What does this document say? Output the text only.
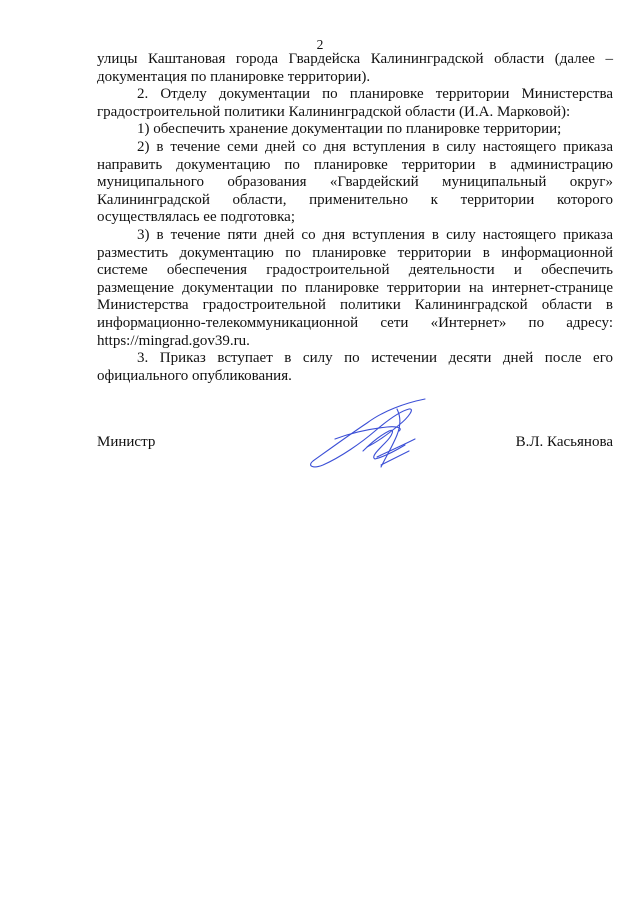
2

улицы Каштановая города Гвардейска Калининградской области (далее – документация по планировке территории).

2. Отделу документации по планировке территории Министерства градостроительной политики Калининградской области (И.А. Марковой):

1) обеспечить хранение документации по планировке территории;

2) в течение семи дней со дня вступления в силу настоящего приказа направить документацию по планировке территории в администрацию муниципального образования «Гвардейский муниципальный округ» Калининградской области, применительно к территории которого осуществлялась ее подготовка;

3) в течение пяти дней со дня вступления в силу настоящего приказа разместить документацию по планировке территории в информационной системе обеспечения градостроительной деятельности и обеспечить размещение документации по планировке территории на интернет-странице Министерства градостроительной политики Калининградской области в информационно-телекоммуникационной сети «Интернет» по адресу: https://mingrad.gov39.ru.

3. Приказ вступает в силу по истечении десяти дней после его официального опубликования.

Министр	В.Л. Касьянова
